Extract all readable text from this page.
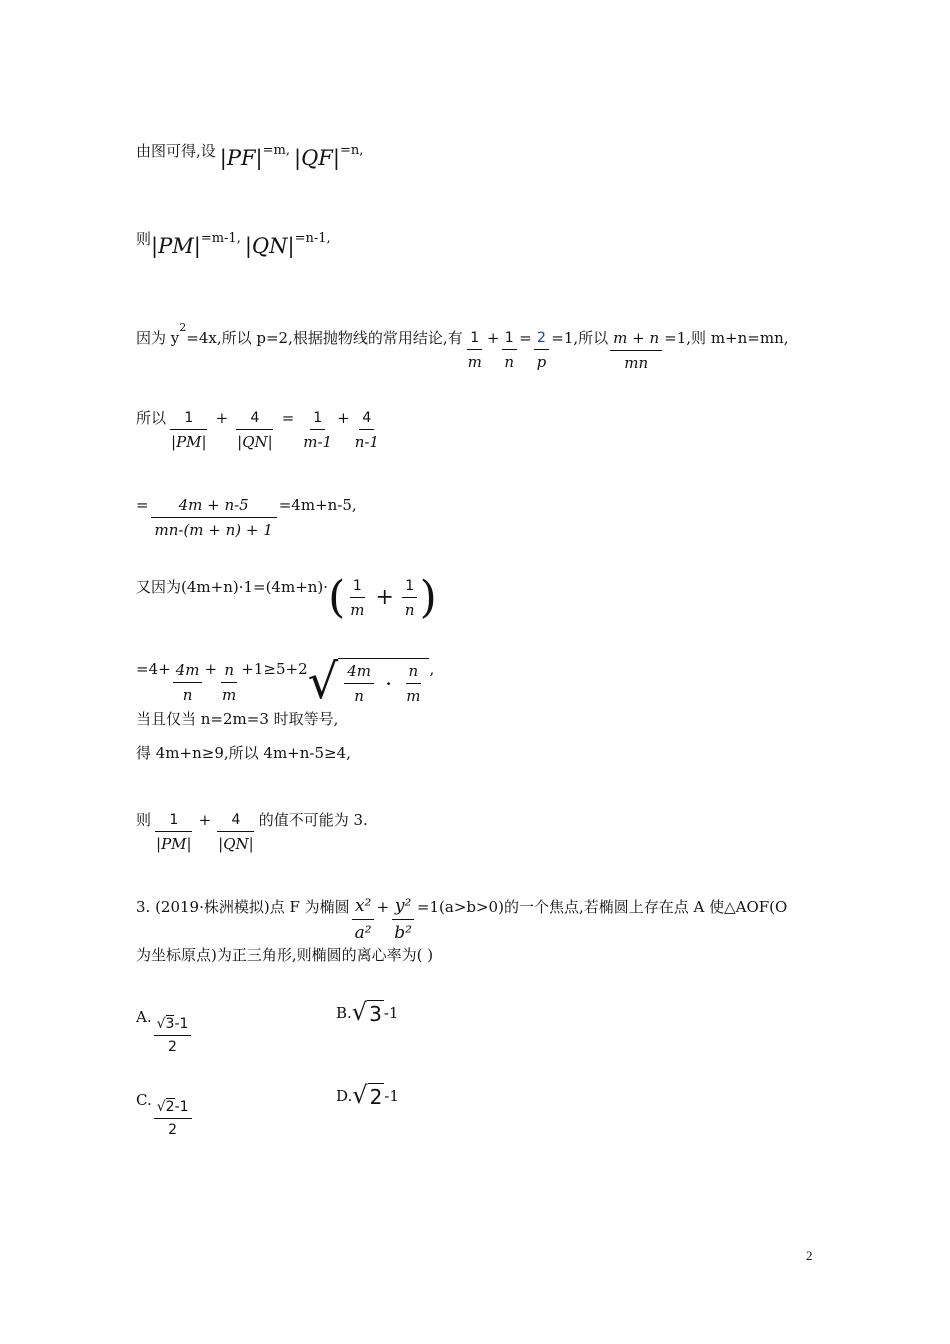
由图可得,设 |PF| =m, |QF| =n,
则 |PM| =m-1, |QN| =n-1,
因为 y
2
=4x,所以 p=2,根据抛物线的常用结论,有 $\frac{1}{m} + \frac{1}{n} = \frac{2}{p} =1$,所以 $\frac{m + n}{mn} =1$,则 m+n=mn,
所以 $\frac{1}{|PM|} + \frac{4}{|QN|} = \frac{1}{m-1} + \frac{4}{n-1}$
= $\frac{4m + n-5}{mn-(m + n) + 1} =4m+n-5$,
又因为(4m+n)·1=(4m+n)· ( $\frac{1}{m} + \frac{1}{n}$ )
$=4+ \frac{4m}{n} + \frac{n}{m} +1\ge 5+2$ √ $\frac{4m}{n} \cdot \frac{n}{m}$ ,
当且仅当 n=2m=3 时取等号,
得 4m+n≥9,所以 4m+n-5≥4,
则 $\frac{1}{|PM|} + \frac{4}{|QN|}$ 的值不可能为 3.
3. (2019·株洲模拟)点 F 为椭圆 $\frac{\text{x²}}{\text{a²}} + \frac{\text{y²}}{\text{b²}} =1(a>b>0)$的一个焦点,若椭圆上存在点 A 使△AOF(O
为坐标原点)为正三角形,则椭圆的离心率为( )
A. $\frac{√3-1}{2}$
B. √ 3 -1
C. $\frac{√2-1}{2}$
D. √ 2 -1
2
